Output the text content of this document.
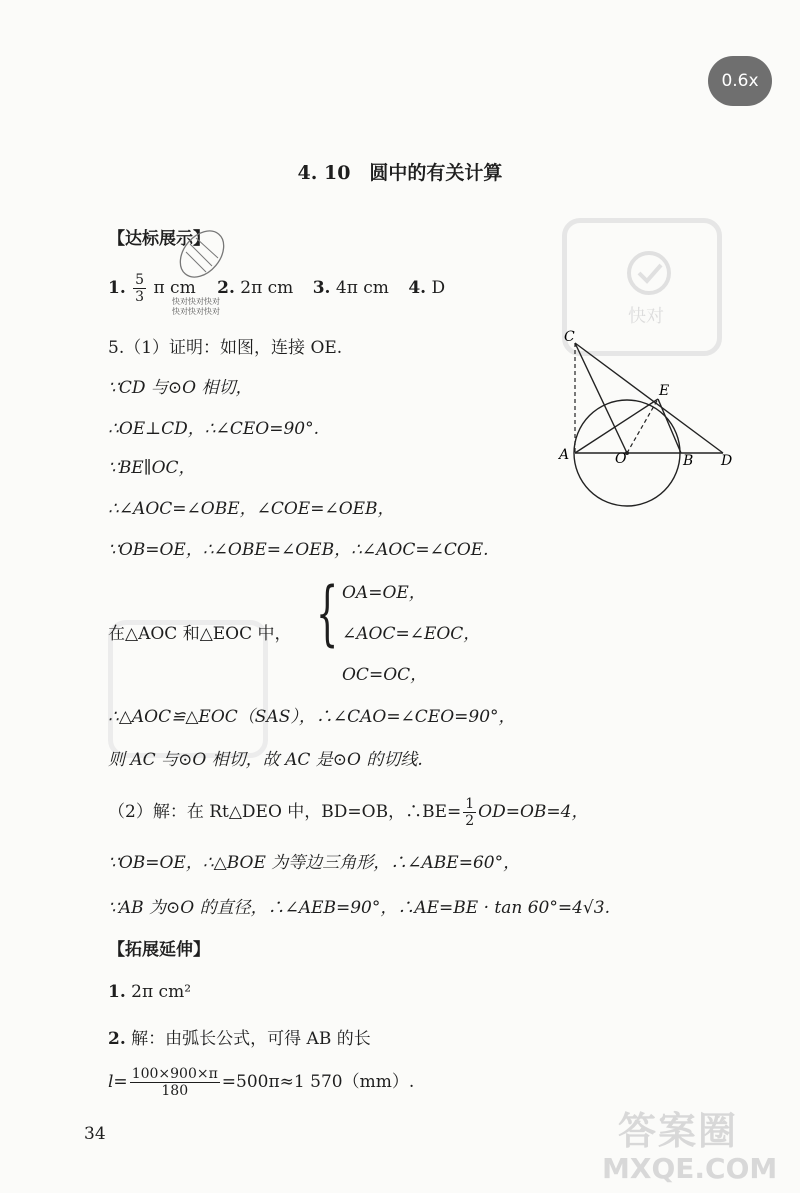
0.6x
4. 10　圆中的有关计算
【达标展示】
1. $\frac{5}{3}$ π cm 2. 2π cm 3. 4π cm 4. D
快对快对快对
快对快对快对	快对
5.（1）证明：如图，连接 OE.
∵CD 与⊙O 相切，
∴OE⊥CD，∴∠CEO=90°.
∵BE∥OC，
∴∠AOC=∠OBE，∠COE=∠OEB，
∵OB=OE，∴∠OBE=∠OEB，∴∠AOC=∠COE.
在△AOC 和△EOC 中， { OA=OE，
∠AOC=∠EOC，
OC=OC，
∴△AOC≌△EOC（SAS），∴∠CAO=∠CEO=90°，
则 AC 与⊙O 相切，故 AC 是⊙O 的切线.
（2）解：在 Rt△DEO 中，BD=OB，∴BE= $\frac{1}{2} OD=OB=4$，
∵OB=OE，∴△BOE 为等边三角形，∴∠ABE=60°，
∵AB 为⊙O 的直径，∴∠AEB=90°，∴AE=BE · tan 60°=4√3.
C
E
A	O	B D
【拓展延伸】
1. 2π cm²
2. 解：由弧长公式，可得 AB 的长
$l= \frac{100\times 900\times\pi}{180} =500\pi\approx 1$ 570（mm）.
34	答案圈
MXQE.COM
